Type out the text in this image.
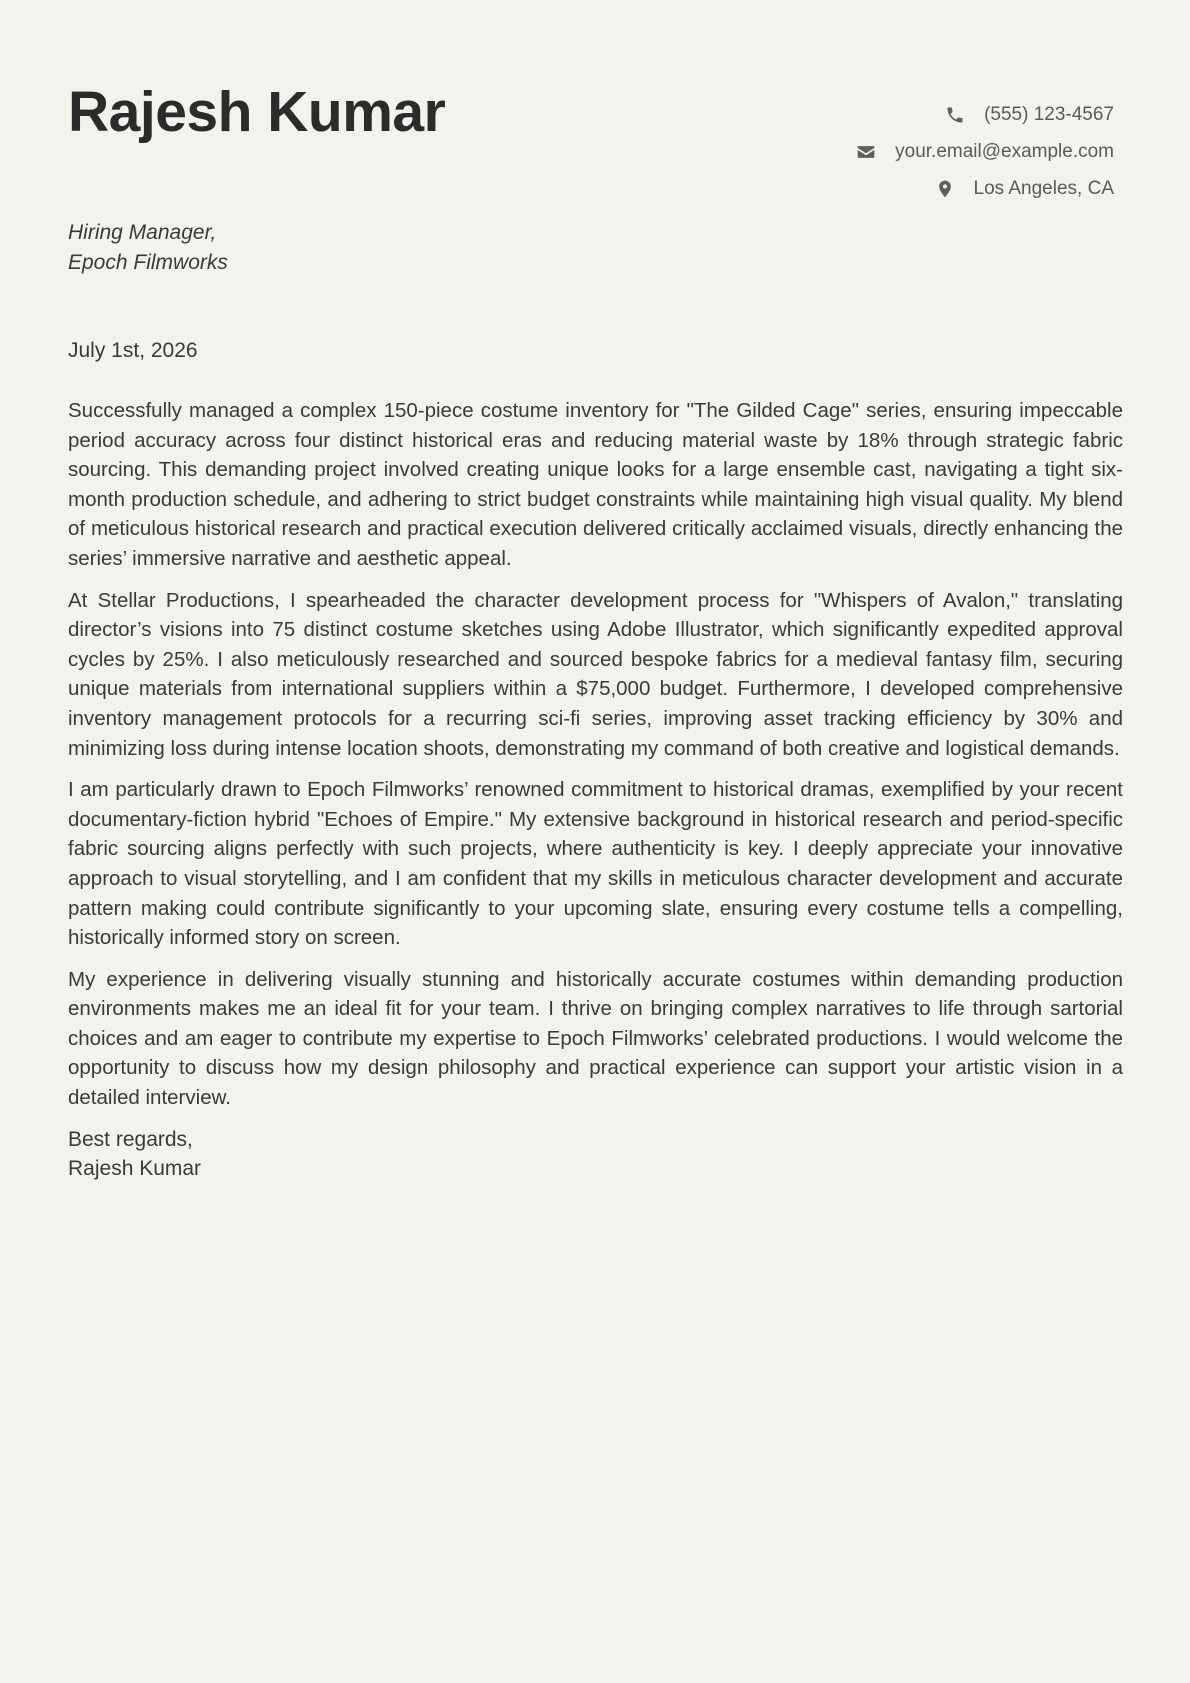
Rajesh Kumar	(555) 123-4567
your.email@example.com
Los Angeles, CA
Hiring Manager,
Epoch Filmworks
July 1st, 2026

Successfully managed a complex 150-piece costume inventory for "The Gilded Cage" series, ensuring impeccable period accuracy across four distinct historical eras and reducing material waste by 18% through strategic fabric sourcing. This demanding project involved creating unique looks for a large ensemble cast, navigating a tight six-month production schedule, and adhering to strict budget constraints while maintaining high visual quality. My blend of meticulous historical research and practical execution delivered critically acclaimed visuals, directly enhancing the series’ immersive narrative and aesthetic appeal.

At Stellar Productions, I spearheaded the character development process for "Whispers of Avalon," translating director’s visions into 75 distinct costume sketches using Adobe Illustrator, which significantly expedited approval cycles by 25%. I also meticulously researched and sourced bespoke fabrics for a medieval fantasy film, securing unique materials from international suppliers within a $75,000 budget. Furthermore, I developed comprehensive inventory management protocols for a recurring sci-fi series, improving asset tracking efficiency by 30% and minimizing loss during intense location shoots, demonstrating my command of both creative and logistical demands.

I am particularly drawn to Epoch Filmworks’ renowned commitment to historical dramas, exemplified by your recent documentary-fiction hybrid "Echoes of Empire." My extensive background in historical research and period-specific fabric sourcing aligns perfectly with such projects, where authenticity is key. I deeply appreciate your innovative approach to visual storytelling, and I am confident that my skills in meticulous character development and accurate pattern making could contribute significantly to your upcoming slate, ensuring every costume tells a compelling, historically informed story on screen.

My experience in delivering visually stunning and historically accurate costumes within demanding production environments makes me an ideal fit for your team. I thrive on bringing complex narratives to life through sartorial choices and am eager to contribute my expertise to Epoch Filmworks’ celebrated productions. I would welcome the opportunity to discuss how my design philosophy and practical experience can support your artistic vision in a detailed interview.

Best regards,
Rajesh Kumar
